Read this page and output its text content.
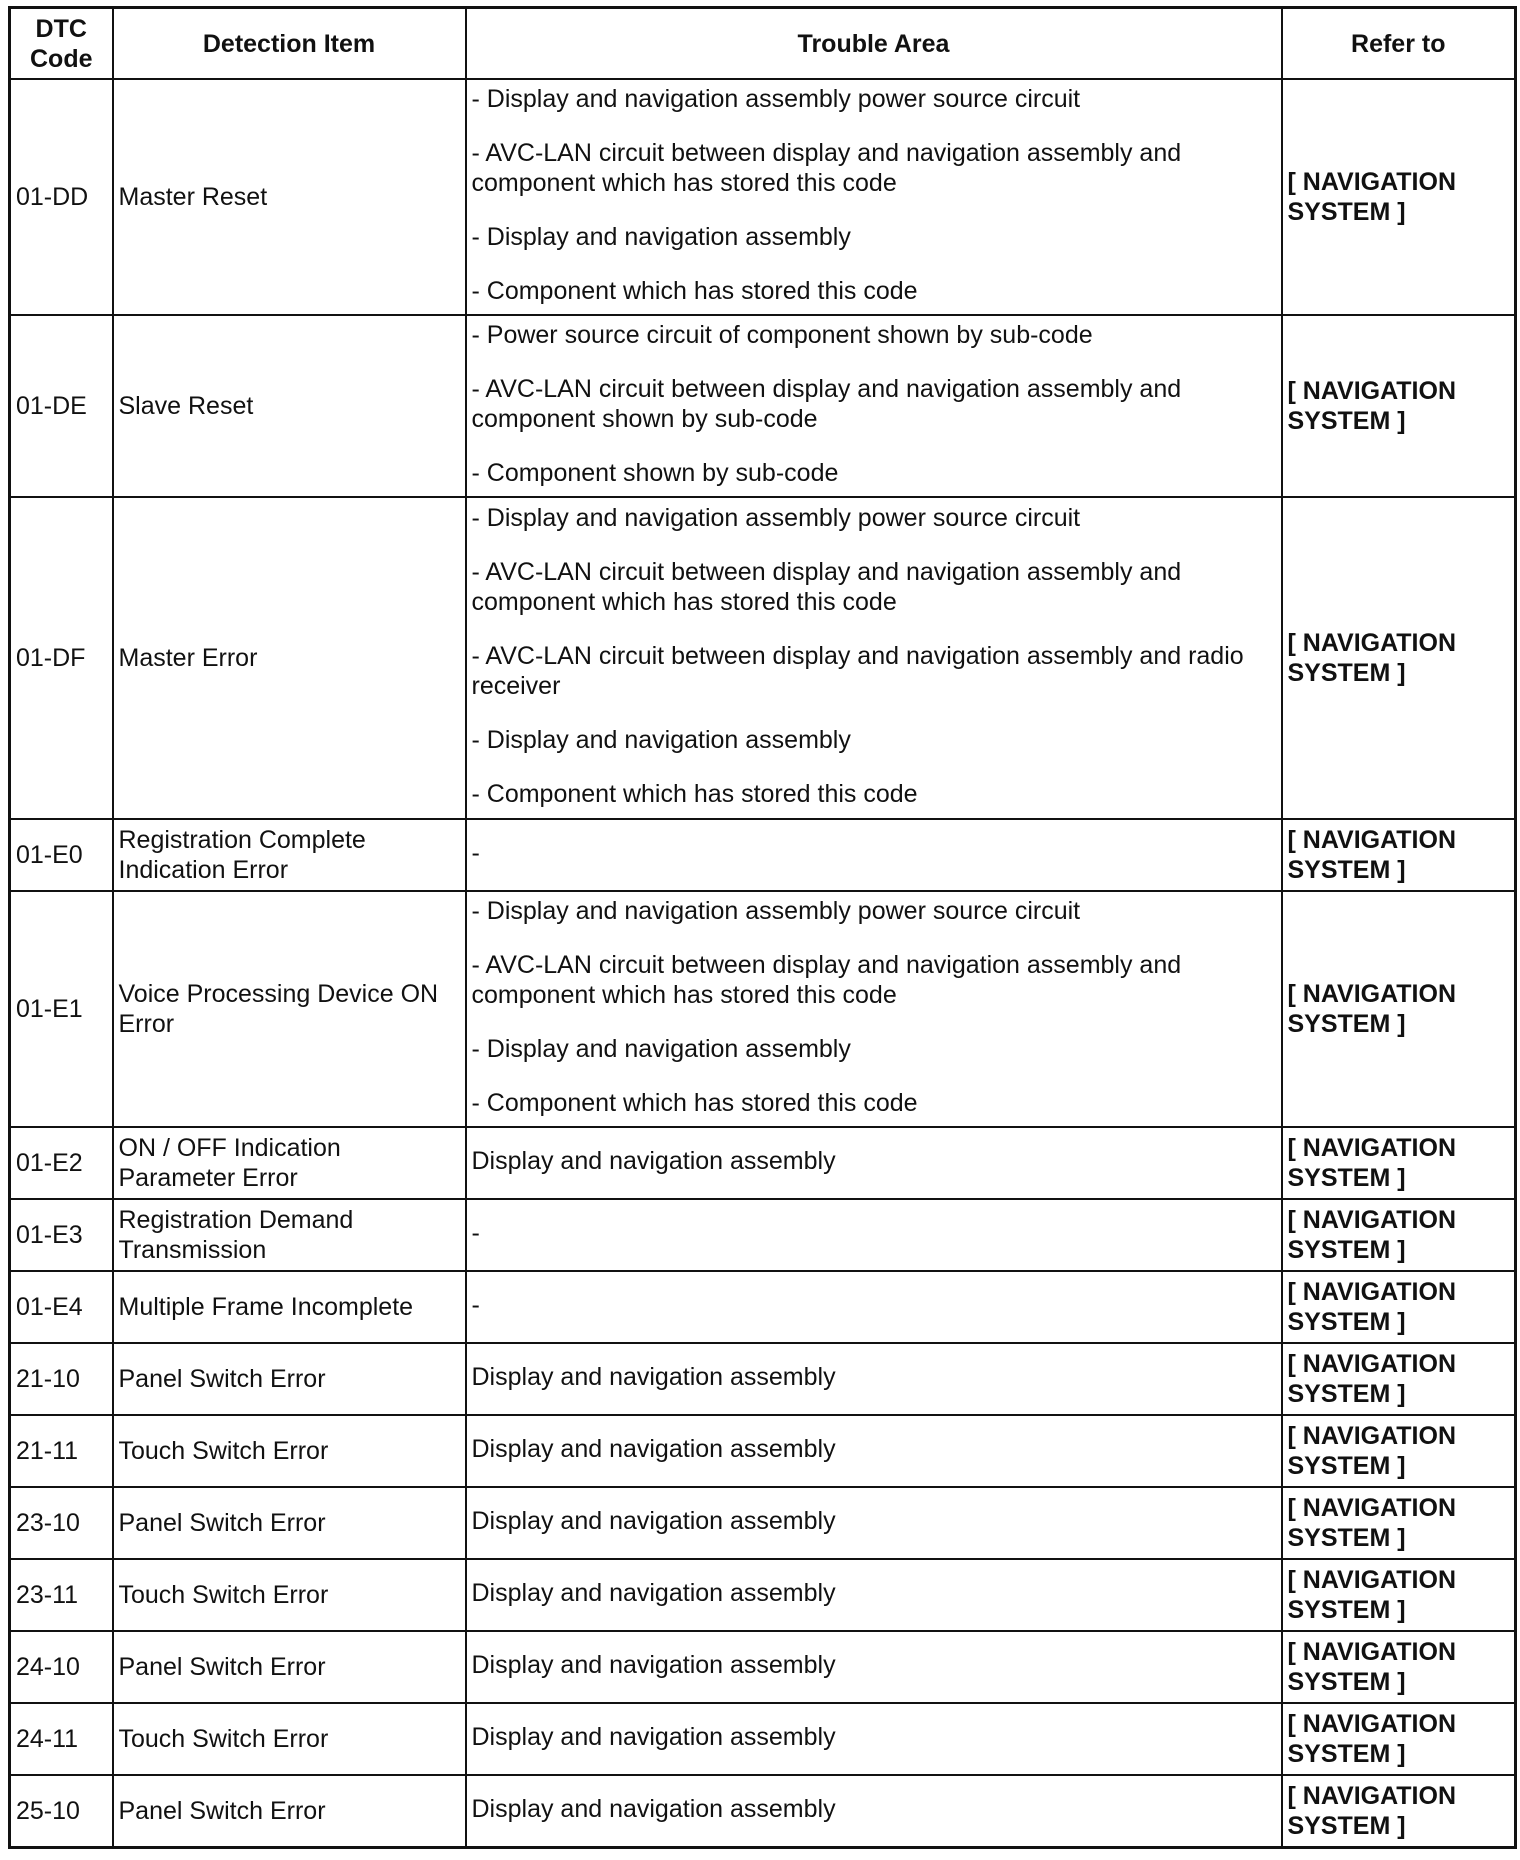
DTC Code	Detection Item	Trouble Area	Refer to
01-DD	Master Reset	- Display and navigation assembly power source circuit
- AVC-LAN circuit between display and navigation assembly and component which has stored this code
- Display and navigation assembly
- Component which has stored this code	[ NAVIGATION SYSTEM ]
01-DE	Slave Reset	- Power source circuit of component shown by sub-code
- AVC-LAN circuit between display and navigation assembly and component shown by sub-code
- Component shown by sub-code	[ NAVIGATION SYSTEM ]
01-DF	Master Error	- Display and navigation assembly power source circuit
- AVC-LAN circuit between display and navigation assembly and component which has stored this code
- AVC-LAN circuit between display and navigation assembly and radio receiver
- Display and navigation assembly
- Component which has stored this code	[ NAVIGATION SYSTEM ]
01-E0	Registration Complete Indication Error	-	[ NAVIGATION SYSTEM ]
01-E1	Voice Processing Device ON Error	- Display and navigation assembly power source circuit
- AVC-LAN circuit between display and navigation assembly and component which has stored this code
- Display and navigation assembly
- Component which has stored this code	[ NAVIGATION SYSTEM ]
01-E2	ON / OFF Indication Parameter Error	Display and navigation assembly	[ NAVIGATION SYSTEM ]
01-E3	Registration Demand Transmission	-	[ NAVIGATION SYSTEM ]
01-E4	Multiple Frame Incomplete	-	[ NAVIGATION SYSTEM ]
21-10	Panel Switch Error	Display and navigation assembly	[ NAVIGATION SYSTEM ]
21-11	Touch Switch Error	Display and navigation assembly	[ NAVIGATION SYSTEM ]
23-10	Panel Switch Error	Display and navigation assembly	[ NAVIGATION SYSTEM ]
23-11	Touch Switch Error	Display and navigation assembly	[ NAVIGATION SYSTEM ]
24-10	Panel Switch Error	Display and navigation assembly	[ NAVIGATION SYSTEM ]
24-11	Touch Switch Error	Display and navigation assembly	[ NAVIGATION SYSTEM ]
25-10	Panel Switch Error	Display and navigation assembly	[ NAVIGATION SYSTEM ]
